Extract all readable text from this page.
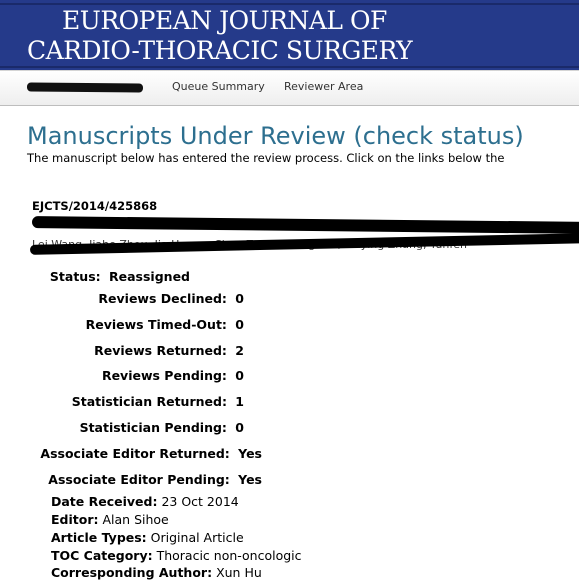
EUROPEAN JOURNAL OF
CARDIO-THORACIC SURGERY
Queue Summary Reviewer Area
Manuscripts Under Review (check status)
The manuscript below has entered the review process. Click on the links below the
EJCTS/2014/425868
Status: Reassigned
Reviews Declined: 0
Reviews Timed-Out: 0
Reviews Returned: 2
Reviews Pending: 0
Statistician Returned: 1
Statistician Pending: 0
Associate Editor Returned: Yes
Associate Editor Pending: Yes
Date Received: 23 Oct 2014
Editor: Alan Sihoe
Article Types: Original Article
TOC Category: Thoracic non-oncologic
Corresponding Author: Xun Hu
